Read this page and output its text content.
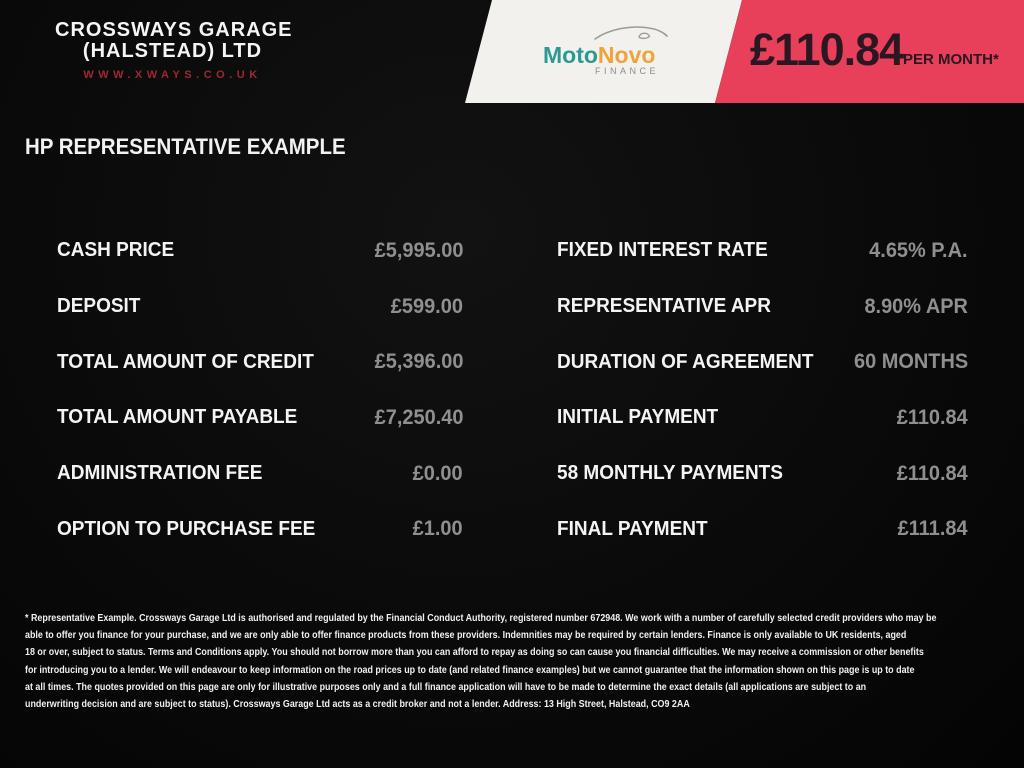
CROSSWAYS GARAGE
(HALSTEAD) LTD
WWW.XWAYS.CO.UK
MotoNovo
FINANCE £110.84 PER MONTH*
HP REPRESENTATIVE EXAMPLE
CASH PRICE	£5,995.00
DEPOSIT	£599.00
TOTAL AMOUNT OF CREDIT	£5,396.00
TOTAL AMOUNT PAYABLE	£7,250.40
ADMINISTRATION FEE	£0.00
OPTION TO PURCHASE FEE	£1.00
FIXED INTEREST RATE	4.65% P.A.
REPRESENTATIVE APR	8.90% APR
DURATION OF AGREEMENT 60 MONTHS
INITIAL PAYMENT	£110.84
58 MONTHLY PAYMENTS	£110.84
FINAL PAYMENT	£111.84
* Representative Example. Crossways Garage Ltd is authorised and regulated by the Financial Conduct Authority, registered number 672948. We work with a number of carefully selected credit providers who may be
able to offer you finance for your purchase, and we are only able to offer finance products from these providers. Indemnities may be required by certain lenders. Finance is only available to UK residents, aged
18 or over, subject to status. Terms and Conditions apply. You should not borrow more than you can afford to repay as doing so can cause you financial difficulties. We may receive a commission or other benefits
for introducing you to a lender. We will endeavour to keep information on the road prices up to date (and related finance examples) but we cannot guarantee that the information shown on this page is up to date
at all times. The quotes provided on this page are only for illustrative purposes only and a full finance application will have to be made to determine the exact details (all applications are subject to an
underwriting decision and are subject to status). Crossways Garage Ltd acts as a credit broker and not a lender. Address: 13 High Street, Halstead, CO9 2AA
